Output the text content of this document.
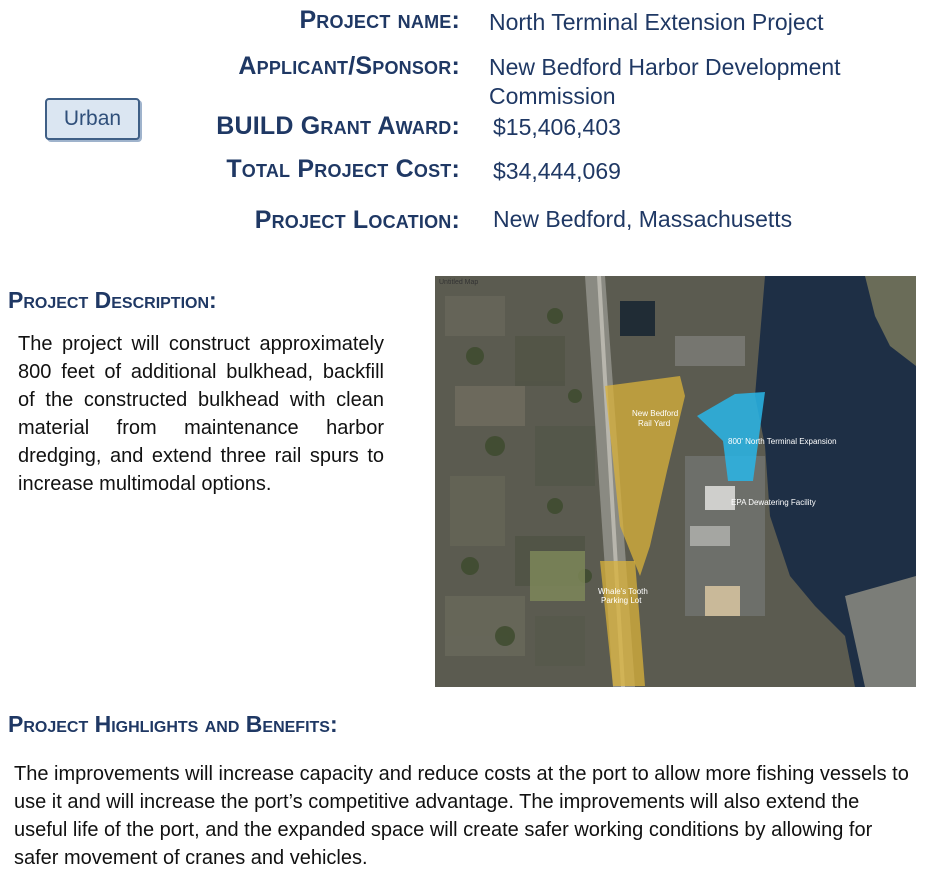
Project name: North Terminal Extension Project
Applicant/Sponsor: New Bedford Harbor Development
Commission
Urban	BUILD Grant Award: $15,406,403
Total Project Cost: $34,444,069
Project Location: New Bedford, Massachusetts
Project Description:
The project will construct approximately 800 feet of additional bulkhead, backfill of the constructed bulkhead with clean material from maintenance harbor dredging, and extend three rail spurs to increase multimodal options.
Untitled Map
New Bedford
Rail Yard
800' North Terminal Expansion
EPA Dewatering Facility
Whale's Tooth
Parking Lot
Project Highlights and Benefits:
The improvements will increase capacity and reduce costs at the port to allow more fishing vessels to use it and will increase the port’s competitive advantage. The improvements will also extend the useful life of the port, and the expanded space will create safer working conditions by allowing for safer movement of cranes and vehicles.
